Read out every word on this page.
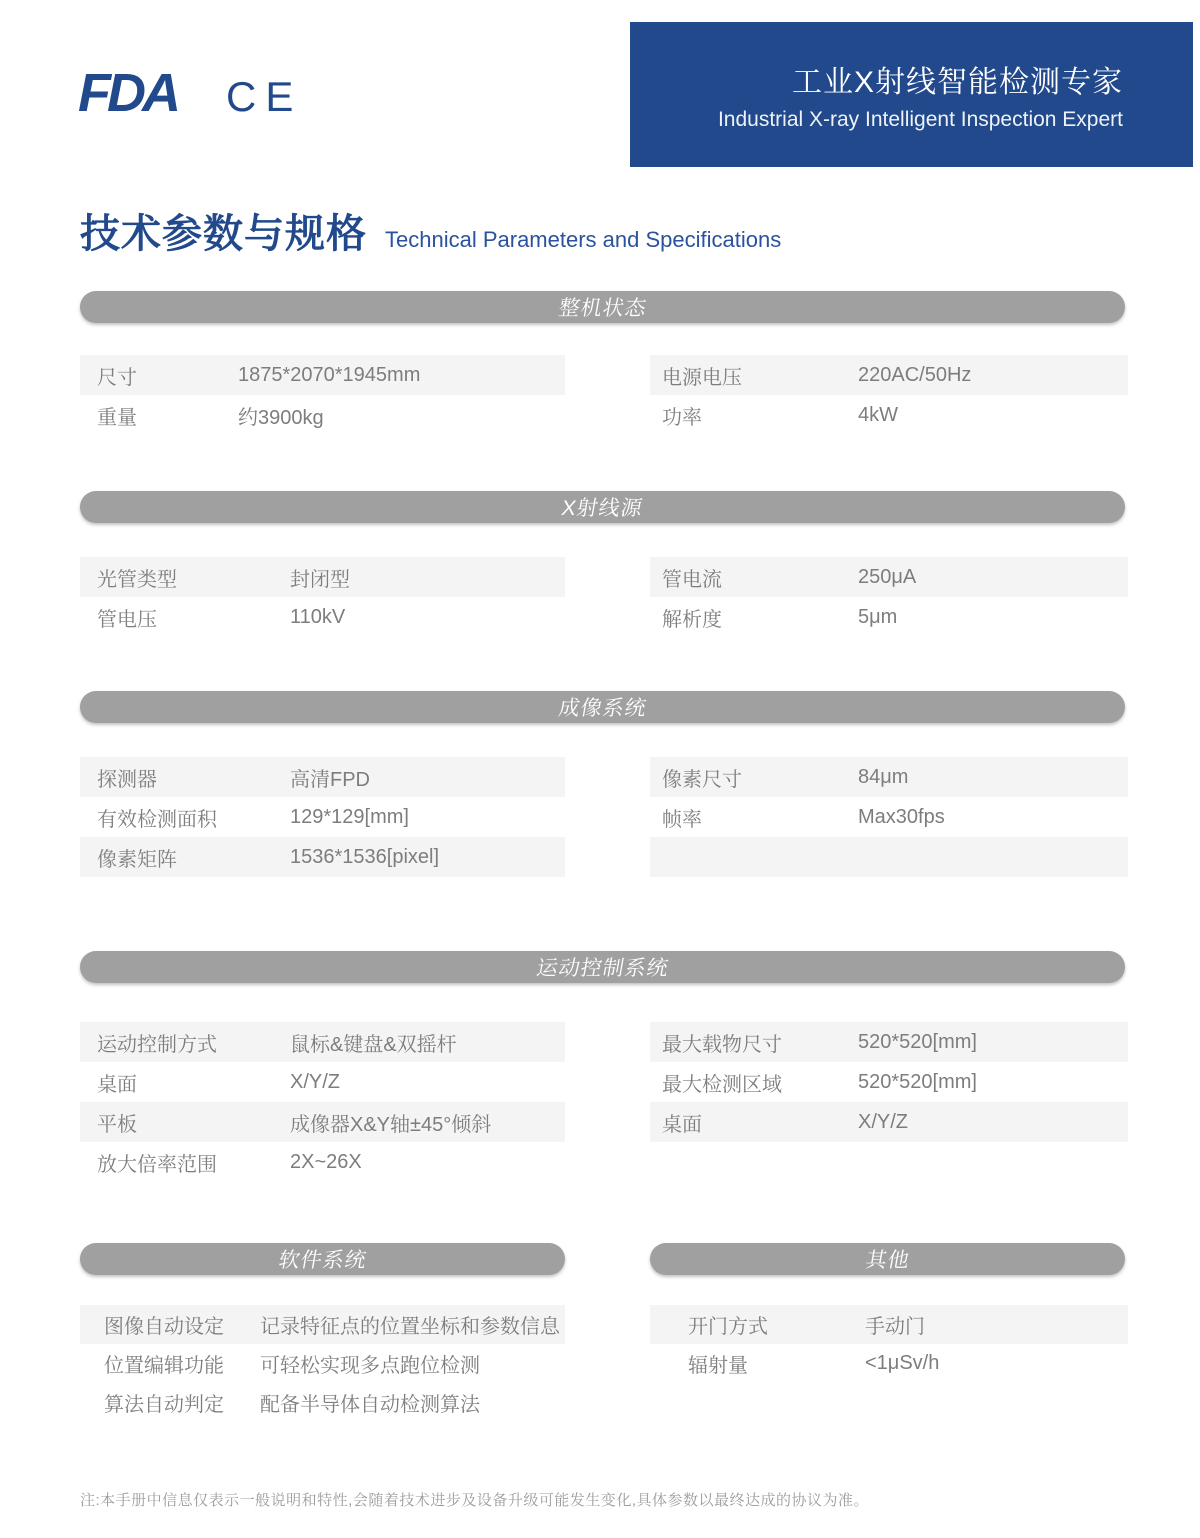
FDA CE	工业X射线智能检测专家
Industrial X-ray Intelligent Inspection Expert
技术参数与规格 Technical Parameters and Specifications
整机状态
尺寸	1875*2070*1945mm
重量	约3900kg
电源电压	220AC/50Hz
功率	4kW
X射线源
光管类型	封闭型
管电压	110kV
管电流	250μA
解析度	5μm
成像系统
探测器	高清FPD
有效检测面积	129*129[mm]
像素矩阵	1536*1536[pixel]
像素尺寸	84μm
帧率	Max30fps
运动控制系统
运动控制方式	鼠标&键盘&双摇杆
桌面	X/Y/Z
平板	成像器X&Y轴±45°倾斜
放大倍率范围	2X~26X
最大载物尺寸	520*520[mm]
最大检测区域	520*520[mm]
桌面	X/Y/Z
软件系统
图像自动设定	记录特征点的位置坐标和参数信息
位置编辑功能	可轻松实现多点跑位检测
算法自动判定	配备半导体自动检测算法
其他
开门方式	手动门
辐射量	<1μSv/h
注:本手册中信息仅表示一般说明和特性,会随着技术进步及设备升级可能发生变化,具体参数以最终达成的协议为准。
